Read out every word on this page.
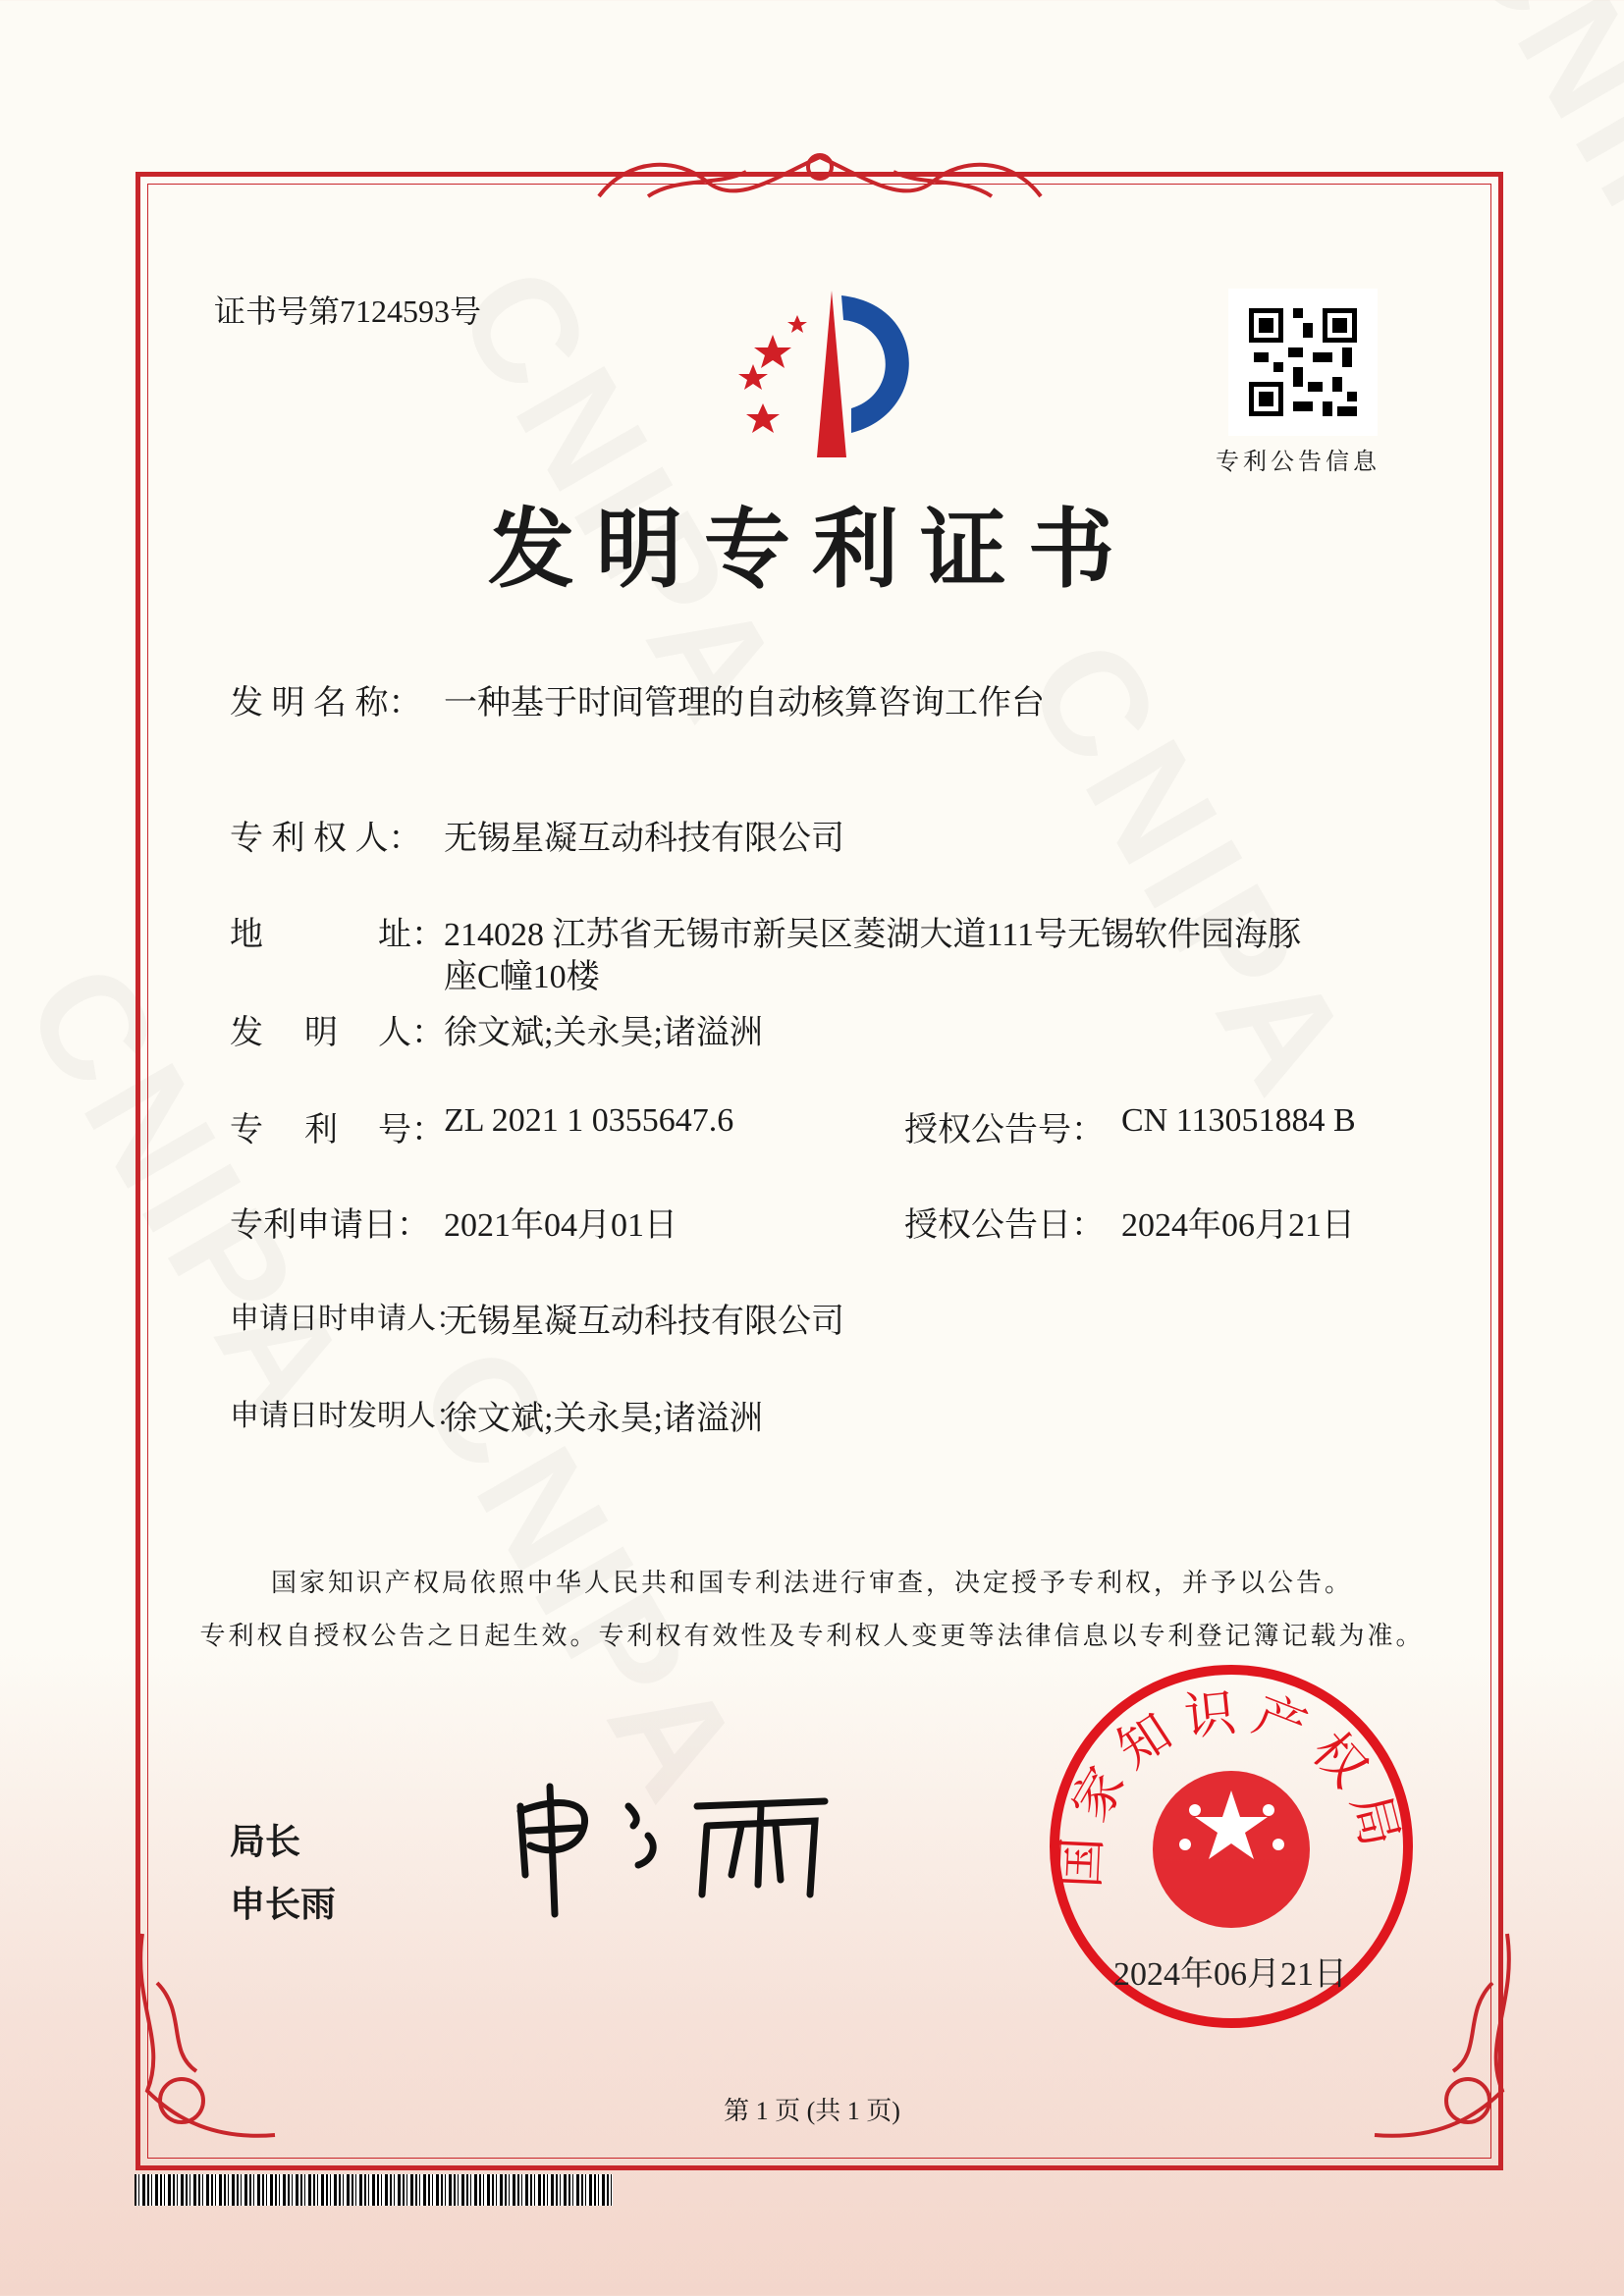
证书号第7124593号
专利公告信息
发明专利证书
发 明 名 称： 一种基于时间管理的自动核算咨询工作台
专 利 权 人： 无锡星凝互动科技有限公司
地	址： 214028 江苏省无锡市新吴区菱湖大道111号无锡软件园海豚
座C幢10楼
发 明 人： 徐文斌;关永昊;诸溢洲
专 利 号： ZL 2021 1 0355647.6	授权公告号： CN 113051884 B
专利申请日： 2021年04月01日	授权公告日： 2024年06月21日
申请日时申请人：
无锡星凝互动科技有限公司
申请日时发明人：
徐文斌;关永昊;诸溢洲
国家知识产权局依照中华人民共和国专利法进行审查，决定授予专利权，并予以公告。
专利权自授权公告之日起生效。专利权有效性及专利权人变更等法律信息以专利登记簿记载为准。
局长
申长雨
国家知识产权局
2024年06月21日
第 1 页 (共 1 页)
